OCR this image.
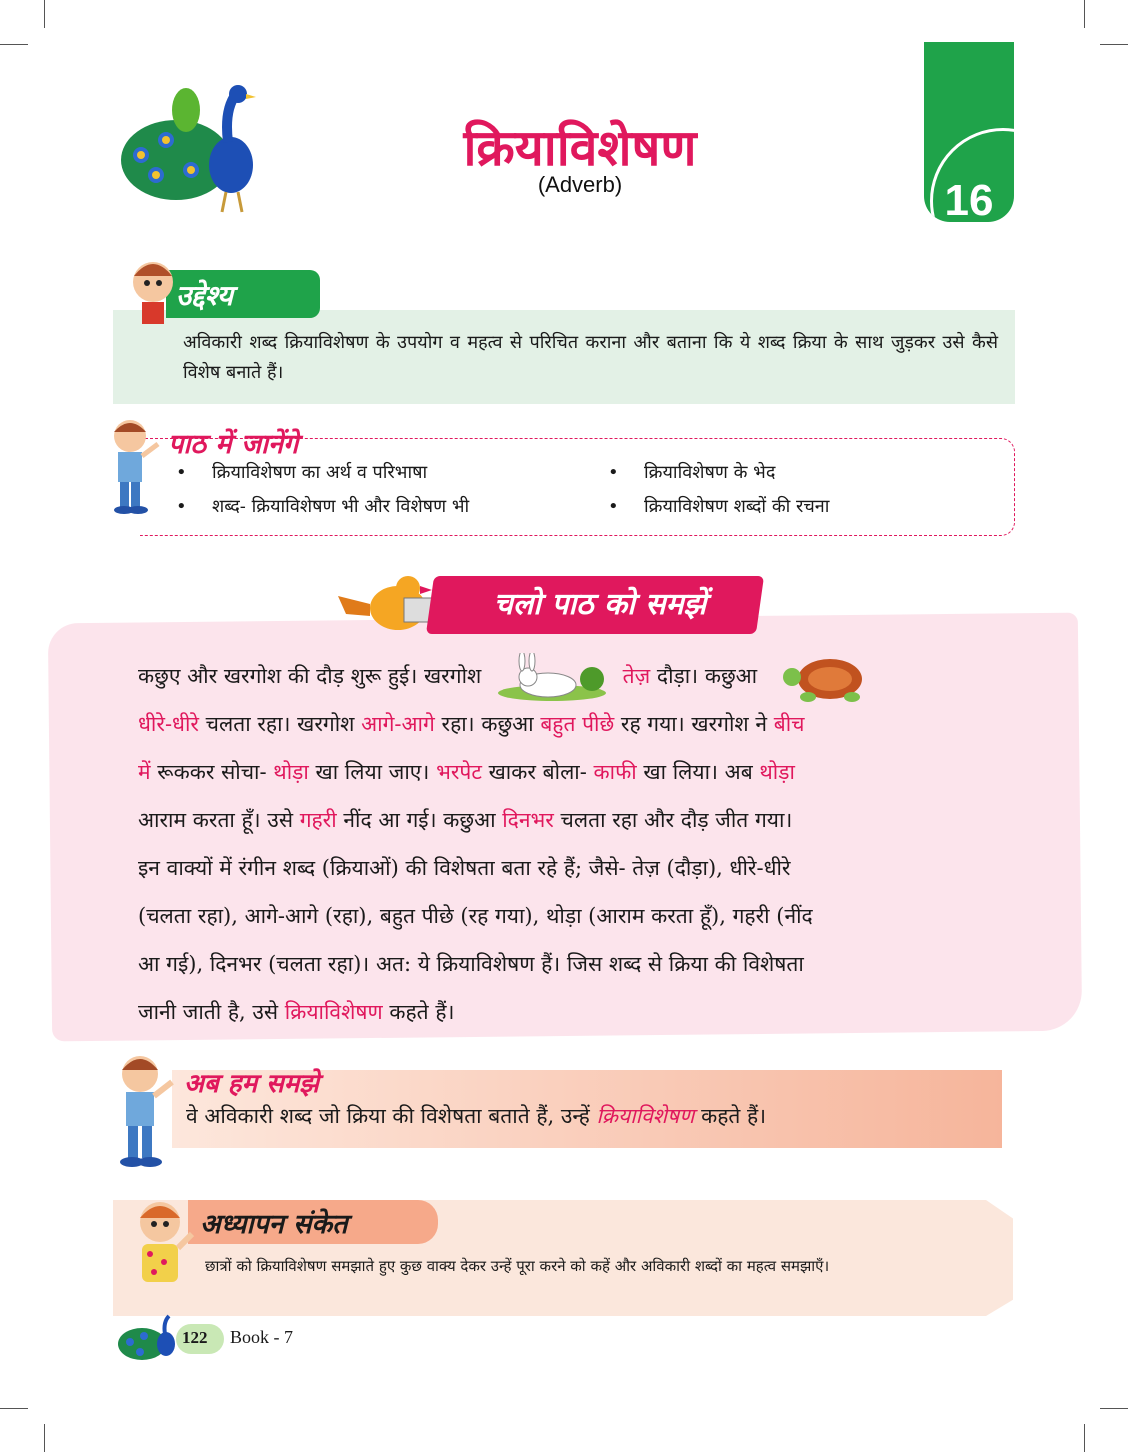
क्रियाविशेषण
(Adverb)	16
उद्देश्य
अविकारी शब्द क्रियाविशेषण के उपयोग व महत्व से परिचित कराना और बताना कि ये शब्द क्रिया के साथ जुड़कर उसे कैसे विशेष बनाते हैं।
पाठ में जानेंगे
• क्रियाविशेषण का अर्थ व परिभाषा	• क्रियाविशेषण के भेद
• शब्द- क्रियाविशेषण भी और विशेषण भी	• क्रियाविशेषण शब्दों की रचना
चलो पाठ को समझें
कछुए और खरगोश की दौड़ शुरू हुई। खरगोश	तेज़ दौड़ा। कछुआ
धीरे-धीरे चलता रहा। खरगोश आगे-आगे रहा। कछुआ बहुत पीछे रह गया। खरगोश ने बीच
में रूककर सोचा- थोड़ा खा लिया जाए। भरपेट खाकर बोला- काफी खा लिया। अब थोड़ा
आराम करता हूँ। उसे गहरी नींद आ गई। कछुआ दिनभर चलता रहा और दौड़ जीत गया।
इन वाक्यों में रंगीन शब्द (क्रियाओं) की विशेषता बता रहे हैं; जैसे- तेज़ (दौड़ा), धीरे-धीरे
(चलता रहा), आगे-आगे (रहा), बहुत पीछे (रह गया), थोड़ा (आराम करता हूँ), गहरी (नींद
आ गई), दिनभर (चलता रहा)। अत: ये क्रियाविशेषण हैं। जिस शब्द से क्रिया की विशेषता
जानी जाती है, उसे क्रियाविशेषण कहते हैं।
अब हम समझे
वे अविकारी शब्द जो क्रिया की विशेषता बताते हैं, उन्हें क्रियाविशेषण कहते हैं।
अध्यापन संकेत
छात्रों को क्रियाविशेषण समझाते हुए कुछ वाक्य देकर उन्हें पूरा करने को कहें और अविकारी शब्दों का महत्व समझाएँ।
122 Book - 7
